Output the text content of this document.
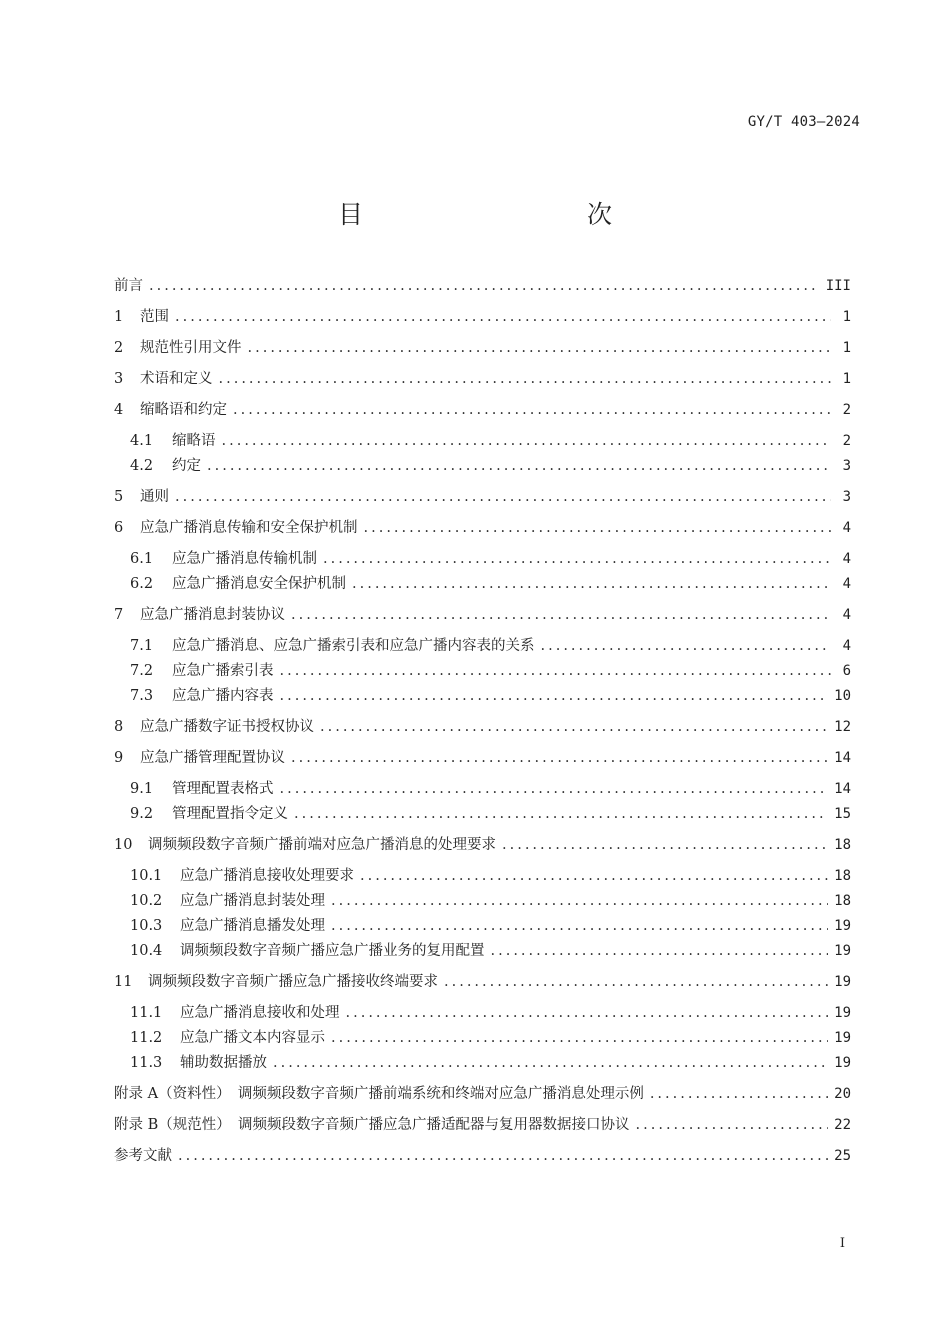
GY/T 403—2024
目　　次
前言 .....	III
1	范围 .....	1
2	规范性引用文件 .....	1
3	术语和定义 .....	1
4	缩略语和约定 .....	2
4.1	缩略语 .....	2
4.2	约定 .....	3
5	通则 .....	3
6	应急广播消息传输和安全保护机制 .....	4
6.1	应急广播消息传输机制 .....	4
6.2	应急广播消息安全保护机制 .....	4
7	应急广播消息封装协议 .....	4
7.1	应急广播消息、应急广播索引表和应急广播内容表的关系 .....	4
7.2	应急广播索引表 .....	6
7.3	应急广播内容表 .....	10
8	应急广播数字证书授权协议 .....	12
9	应急广播管理配置协议 .....	14
9.1	管理配置表格式 .....	14
9.2	管理配置指令定义 .....	15
10	调频频段数字音频广播前端对应急广播消息的处理要求 .....	18
10.1	应急广播消息接收处理要求 .....	18
10.2	应急广播消息封装处理 .....	18
10.3	应急广播消息播发处理 .....	19
10.4	调频频段数字音频广播应急广播业务的复用配置 .....	19
11	调频频段数字音频广播应急广播接收终端要求 .....	19
11.1	应急广播消息接收和处理 .....	19
11.2	应急广播文本内容显示 .....	19
11.3	辅助数据播放 .....	19
附录 A（资料性）　调频频段数字音频广播前端系统和终端对应急广播消息处理示例 .....	20
附录 B（规范性）　调频频段数字音频广播应急广播适配器与复用器数据接口协议 .....	22
参考文献 .....	25
I
